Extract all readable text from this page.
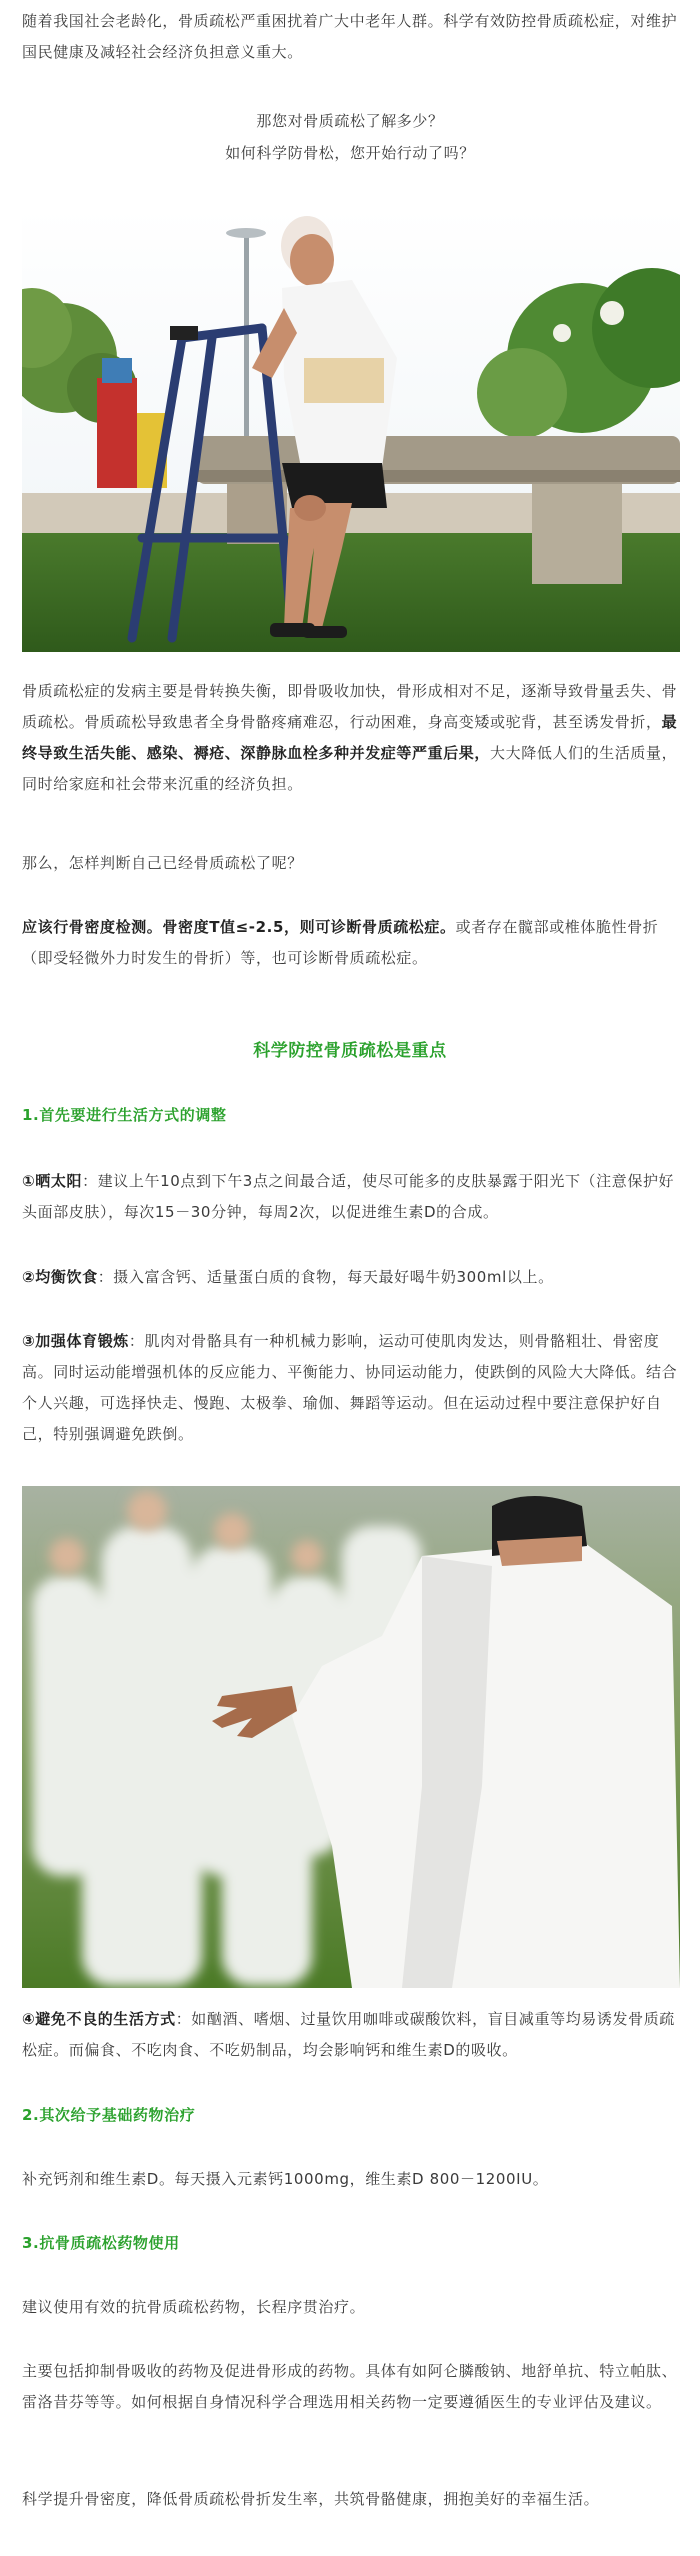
随着我国社会老龄化，骨质疏松严重困扰着广大中老年人群。科学有效防控骨质疏松症，对维护国民健康及减轻社会经济负担意义重大。

那您对骨质疏松了解多少？

如何科学防骨松，您开始行动了吗？

骨质疏松症的发病主要是骨转换失衡，即骨吸收加快，骨形成相对不足，逐渐导致骨量丢失、骨质疏松。骨质疏松导致患者全身骨骼疼痛难忍，行动困难，身高变矮或驼背，甚至诱发骨折，最终导致生活失能、感染、褥疮、深静脉血栓多种并发症等严重后果，大大降低人们的生活质量，同时给家庭和社会带来沉重的经济负担。

那么，怎样判断自己已经骨质疏松了呢？

应该行骨密度检测。骨密度T值≤-2.5，则可诊断骨质疏松症。或者存在髋部或椎体脆性骨折（即受轻微外力时发生的骨折）等，也可诊断骨质疏松症。

科学防控骨质疏松是重点

1.首先要进行生活方式的调整

①晒太阳：建议上午10点到下午3点之间最合适，使尽可能多的皮肤暴露于阳光下（注意保护好头面部皮肤），每次15－30分钟，每周2次，以促进维生素D的合成。

②均衡饮食：摄入富含钙、适量蛋白质的食物，每天最好喝牛奶300ml以上。

③加强体育锻炼：肌肉对骨骼具有一种机械力影响，运动可使肌肉发达，则骨骼粗壮、骨密度高。同时运动能增强机体的反应能力、平衡能力、协同运动能力，使跌倒的风险大大降低。结合个人兴趣，可选择快走、慢跑、太极拳、瑜伽、舞蹈等运动。但在运动过程中要注意保护好自己，特别强调避免跌倒。

④避免不良的生活方式：如酗酒、嗜烟、过量饮用咖啡或碳酸饮料，盲目减重等均易诱发骨质疏松症。而偏食、不吃肉食、不吃奶制品，均会影响钙和维生素D的吸收。

2.其次给予基础药物治疗

补充钙剂和维生素D。每天摄入元素钙1000mg，维生素D 800－1200IU。

3.抗骨质疏松药物使用

建议使用有效的抗骨质疏松药物，长程序贯治疗。

主要包括抑制骨吸收的药物及促进骨形成的药物。具体有如阿仑膦酸钠、地舒单抗、特立帕肽、雷洛昔芬等等。如何根据自身情况科学合理选用相关药物一定要遵循医生的专业评估及建议。

科学提升骨密度，降低骨质疏松骨折发生率，共筑骨骼健康，拥抱美好的幸福生活。
